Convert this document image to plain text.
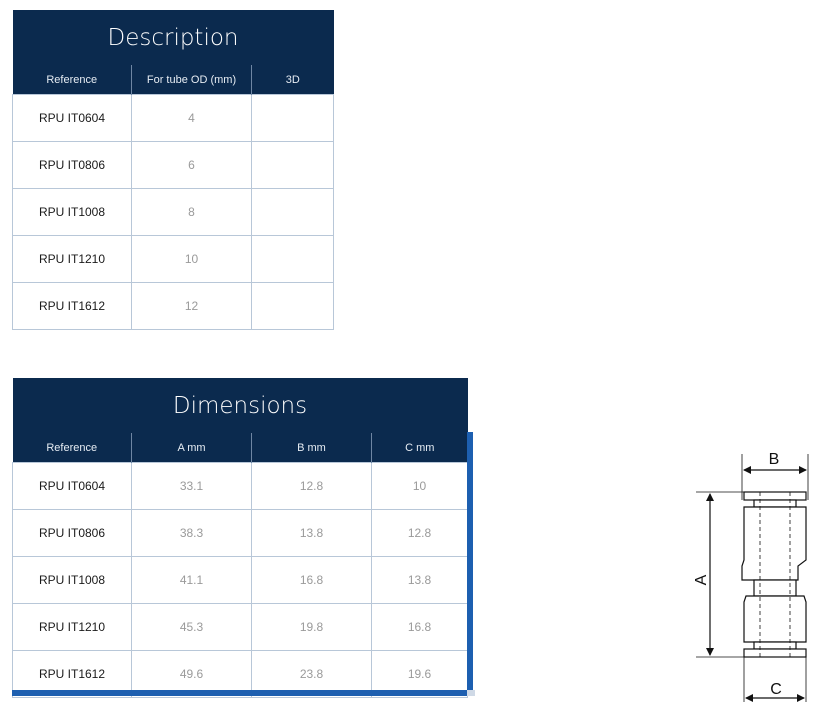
Description		
Reference	For tube OD (mm)	3D
RPU IT0604	4	
RPU IT0806	6	
RPU IT1008	8	
RPU IT1210	10	
RPU IT1612	12	
Dimensions			
Reference	A mm	B mm	C mm
RPU IT0604	33.1	12.8	10
RPU IT0806	38.3	13.8	12.8
RPU IT1008	41.1	16.8	13.8
RPU IT1210	45.3	19.8	16.8
RPU IT1612	49.6	23.8	19.6
B
A
C
